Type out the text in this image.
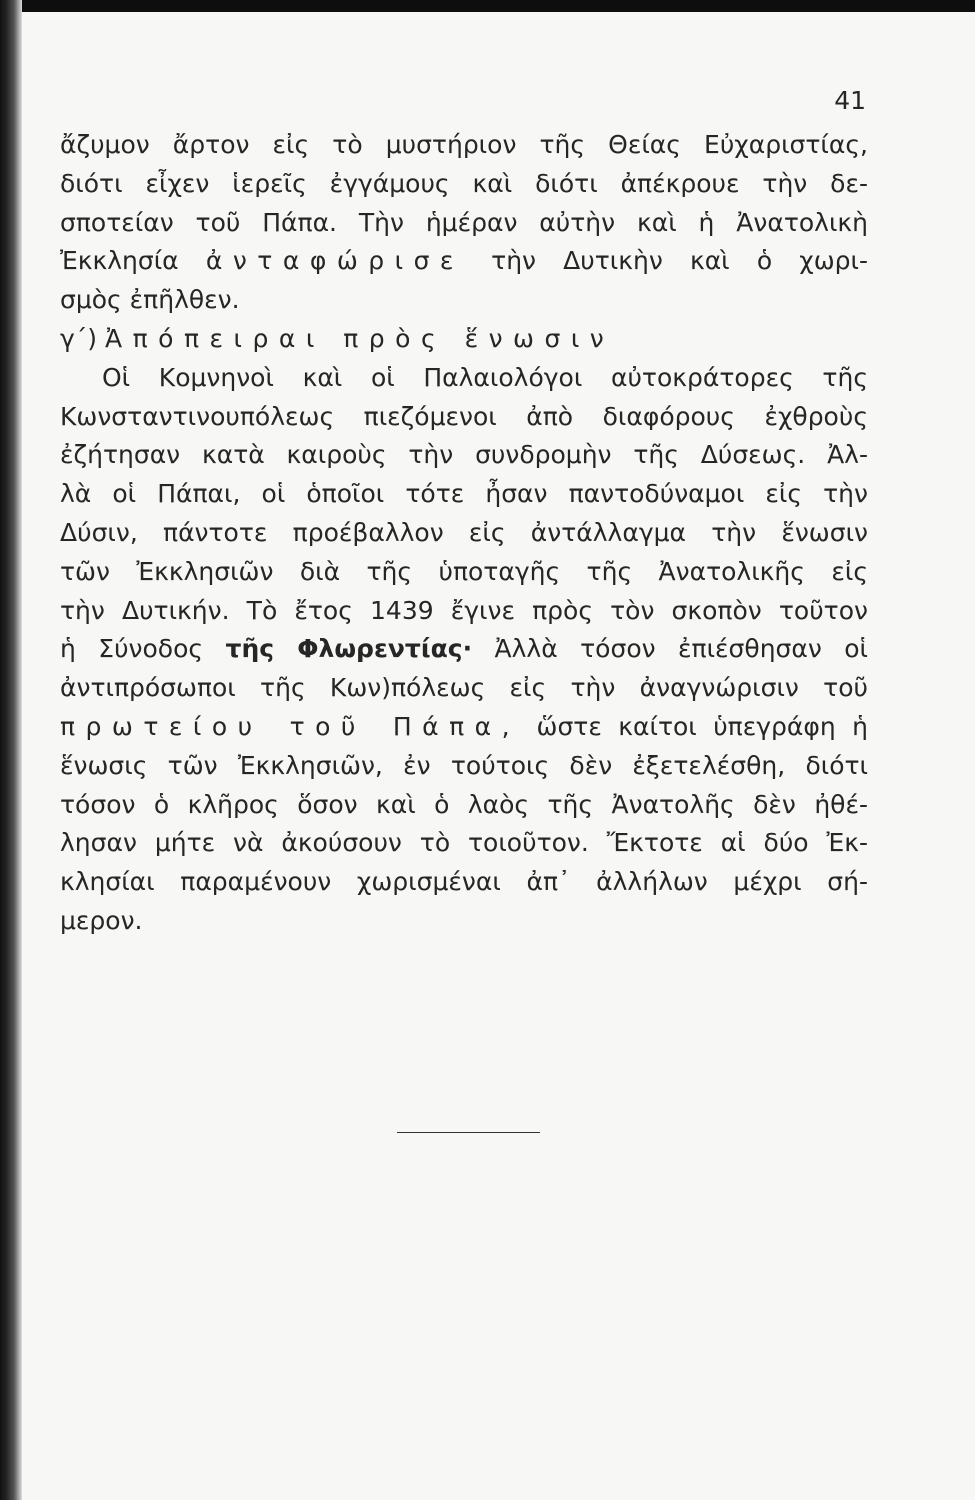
41
ἄζυμον ἄρτον εἰς τὸ μυστήριον τῆς Θείας Εὐχαριστίας,
διότι εἶχεν ἱερεῖς ἐγγάμους καὶ διότι ἀπέκρουε τὴν δε-
σποτείαν τοῦ Πάπα. Τὴν ἡμέραν αὐτὴν καὶ ἡ Ἀνατολικὴ
Ἐκκλησία ἀνταφώρισε τὴν Δυτικὴν καὶ ὁ χωρι-
σμὸς ἐπῆλθεν.
γ΄) Ἀπόπειραι πρὸς ἕνωσιν
Οἱ Κομνηνοὶ καὶ οἱ Παλαιολόγοι αὐτοκράτορες τῆς
Κωνσταντινουπόλεως πιεζόμενοι ἀπὸ διαφόρους ἐχθροὺς
ἐζήτησαν κατὰ καιροὺς τὴν συνδρομὴν τῆς Δύσεως. Ἀλ-
λὰ οἱ Πάπαι, οἱ ὁποῖοι τότε ἦσαν παντοδύναμοι εἰς τὴν
Δύσιν, πάντοτε προέβαλλον εἰς ἀντάλλαγμα τὴν ἕνωσιν
τῶν Ἐκκλησιῶν διὰ τῆς ὑποταγῆς τῆς Ἀνατολικῆς εἰς
τὴν Δυτικήν. Τὸ ἔτος 1439 ἔγινε πρὸς τὸν σκοπὸν τοῦτον
ἡ Σύνοδος τῆς Φλωρεντίας· Ἀλλὰ τόσον ἐπιέσθησαν οἱ
ἀντιπρόσωποι τῆς Κων)πόλεως εἰς τὴν ἀναγνώρισιν τοῦ
πρωτείου τοῦ Πάπα, ὥστε καίτοι ὑπεγράφη ἡ
ἕνωσις τῶν Ἐκκλησιῶν, ἐν τούτοις δὲν ἐξετελέσθη, διότι
τόσον ὁ κλῆρος ὅσον καὶ ὁ λαὸς τῆς Ἀνατολῆς δὲν ἠθέ-
λησαν μήτε νὰ ἀκούσουν τὸ τοιοῦτον. Ἔκτοτε αἱ δύο Ἐκ-
κλησίαι παραμένουν χωρισμέναι ἀπ᾽ ἀλλήλων μέχρι σή-
μερον.
